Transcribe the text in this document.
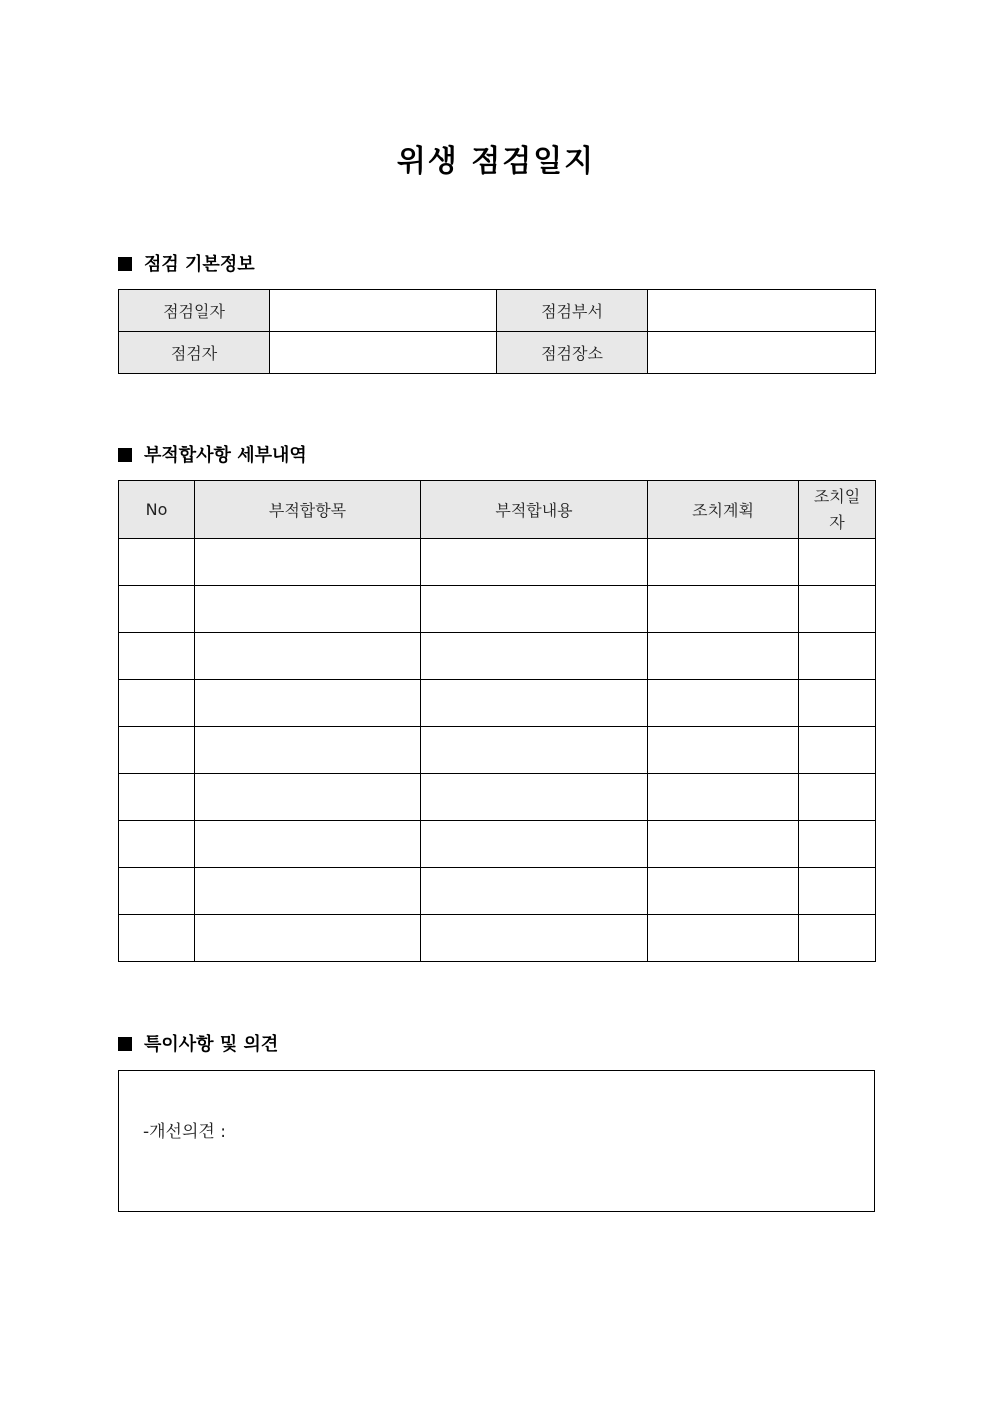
위생 점검일지
점검 기본정보
점검일자		점검부서	
점검자		점검장소	
부적합사항 세부내역
No	부적합항목	부적합내용	조치계획	조치일자

특이사항 및 의견
-개선의견 :
